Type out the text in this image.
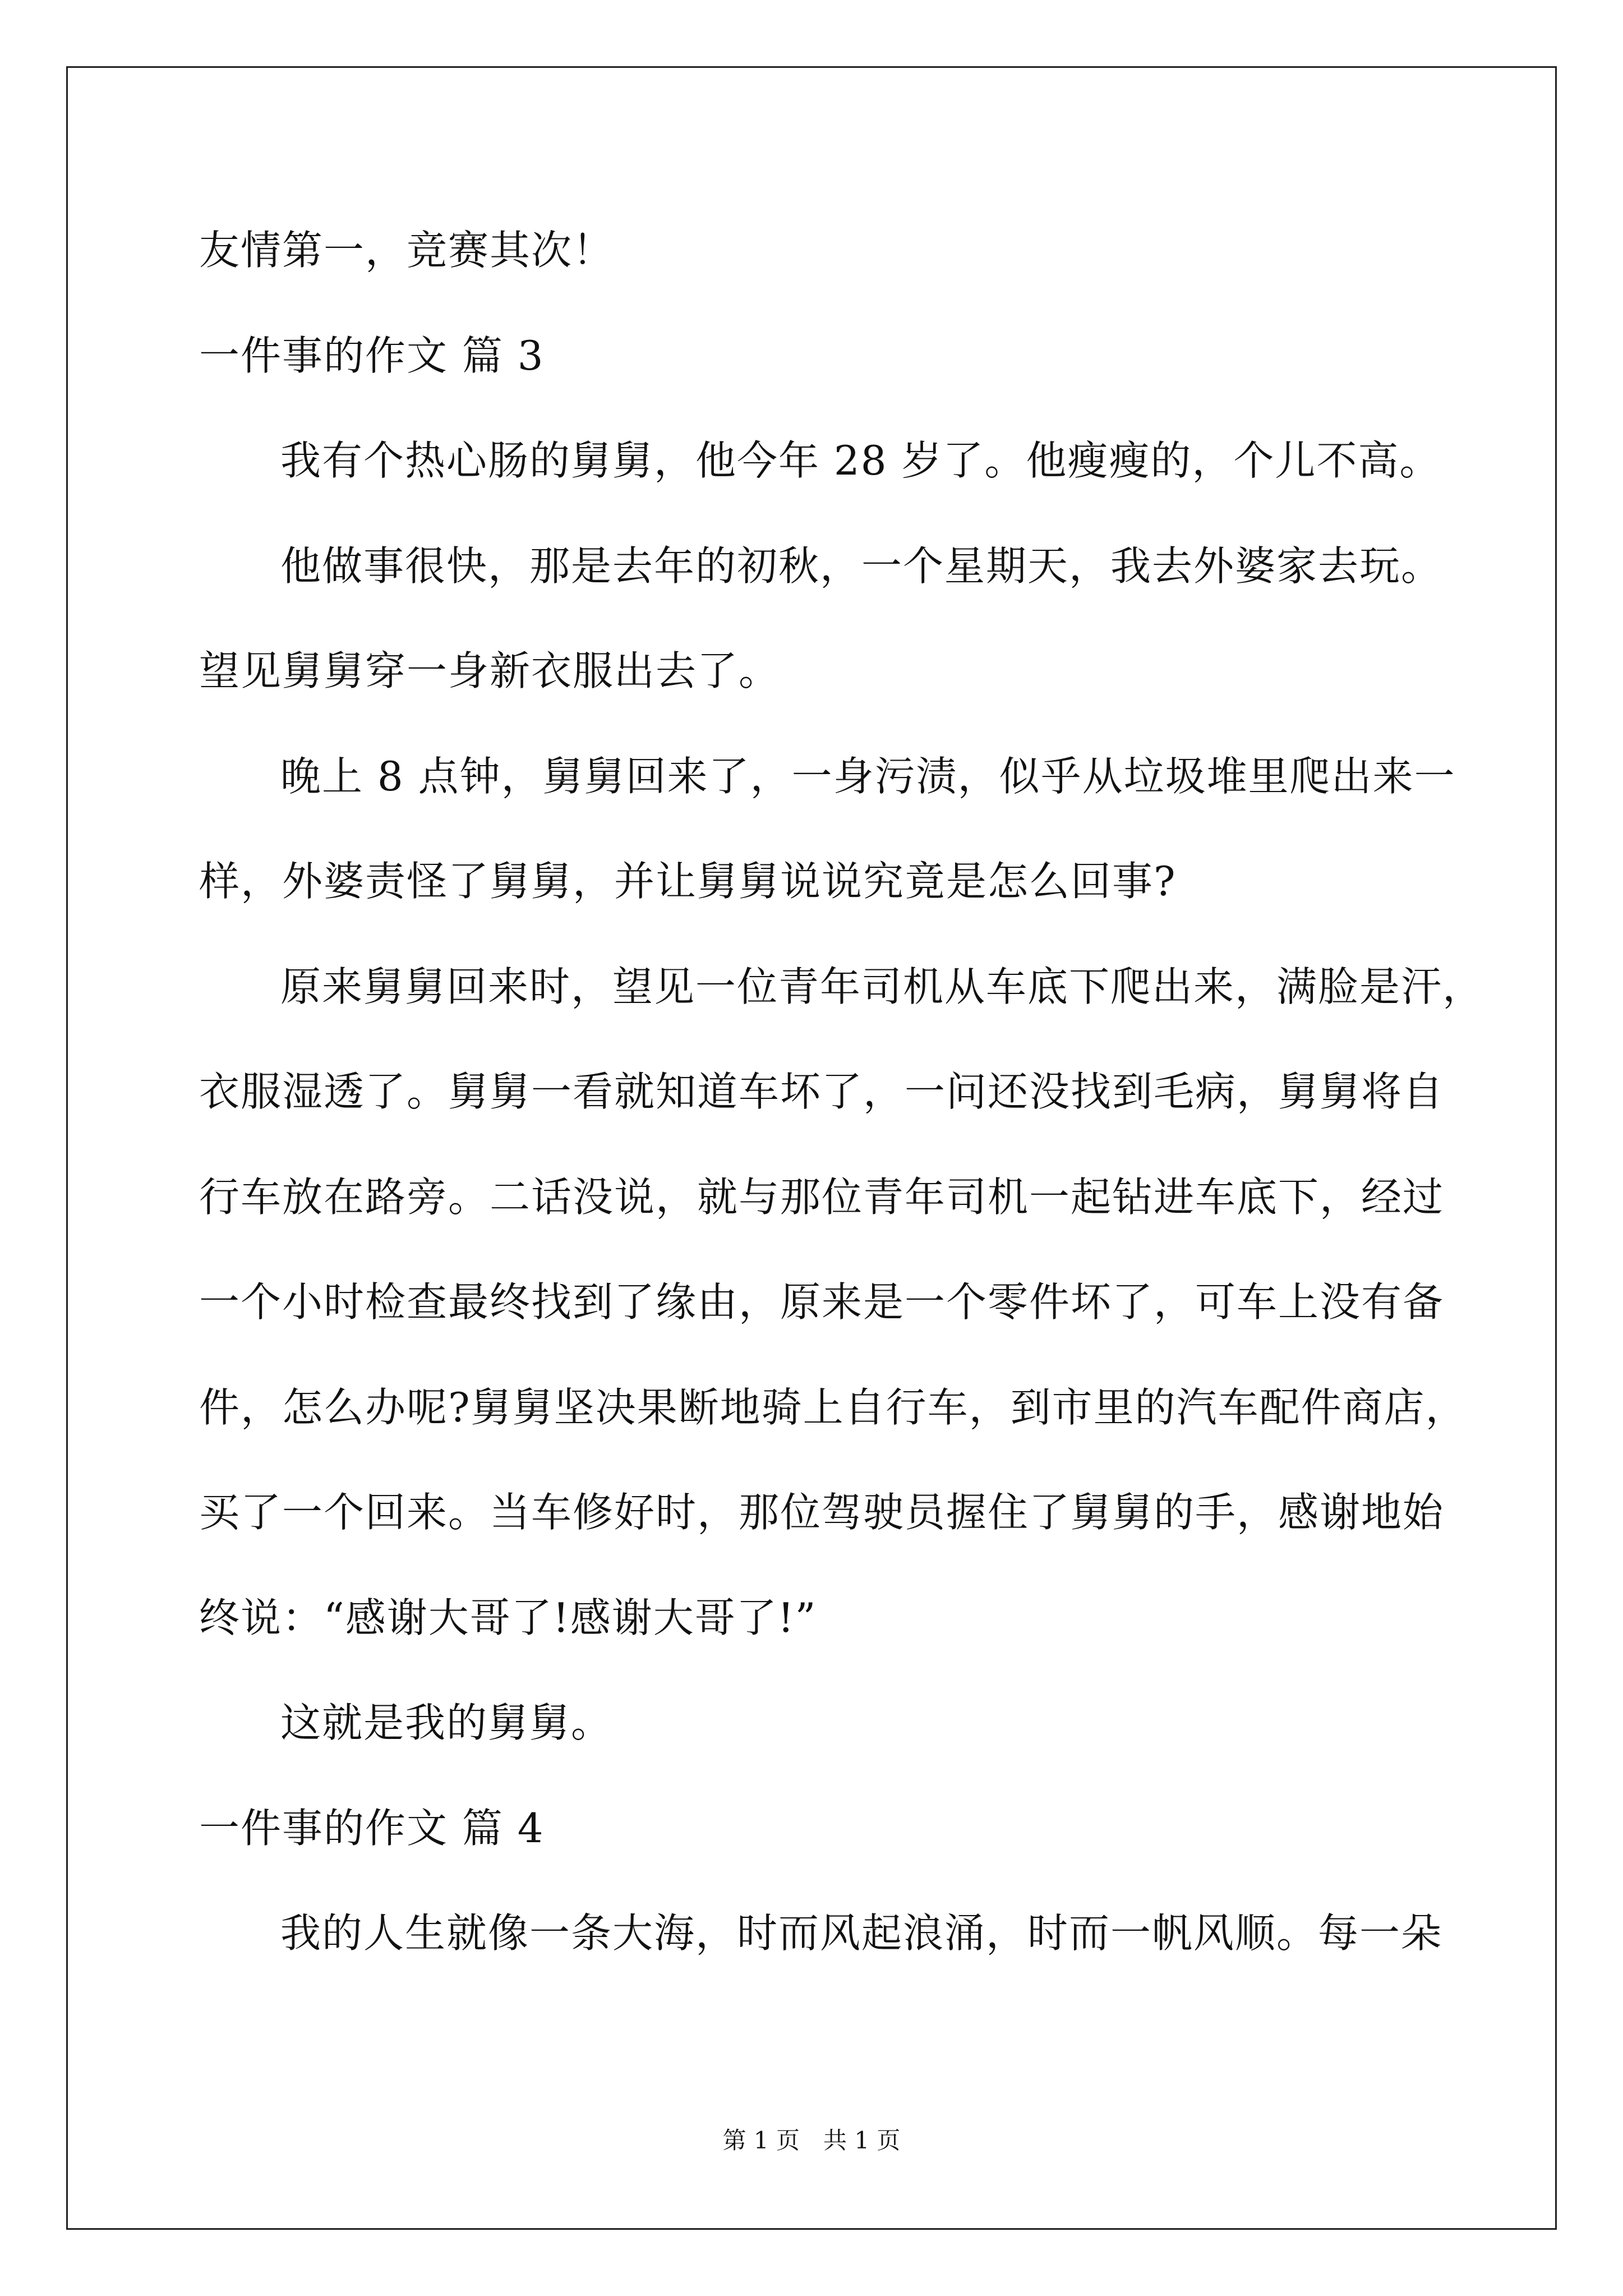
友情第一，竞赛其次！
一件事的作文 篇 3
我有个热心肠的舅舅，他今年 28 岁了。他瘦瘦的，个儿不高。
他做事很快，那是去年的初秋，一个星期天，我去外婆家去玩。
望见舅舅穿一身新衣服出去了。
晚上 8 点钟，舅舅回来了，一身污渍，似乎从垃圾堆里爬出来一
样，外婆责怪了舅舅，并让舅舅说说究竟是怎么回事?
原来舅舅回来时，望见一位青年司机从车底下爬出来，满脸是汗，
衣服湿透了。舅舅一看就知道车坏了，一问还没找到毛病，舅舅将自
行车放在路旁。二话没说，就与那位青年司机一起钻进车底下，经过
一个小时检查最终找到了缘由，原来是一个零件坏了，可车上没有备
件，怎么办呢?舅舅坚决果断地骑上自行车，到市里的汽车配件商店，
买了一个回来。当车修好时，那位驾驶员握住了舅舅的手，感谢地始
终说：“感谢大哥了!感谢大哥了!”
这就是我的舅舅。
一件事的作文 篇 4
我的人生就像一条大海，时而风起浪涌，时而一帆风顺。每一朵
第 1 页　共 1 页
